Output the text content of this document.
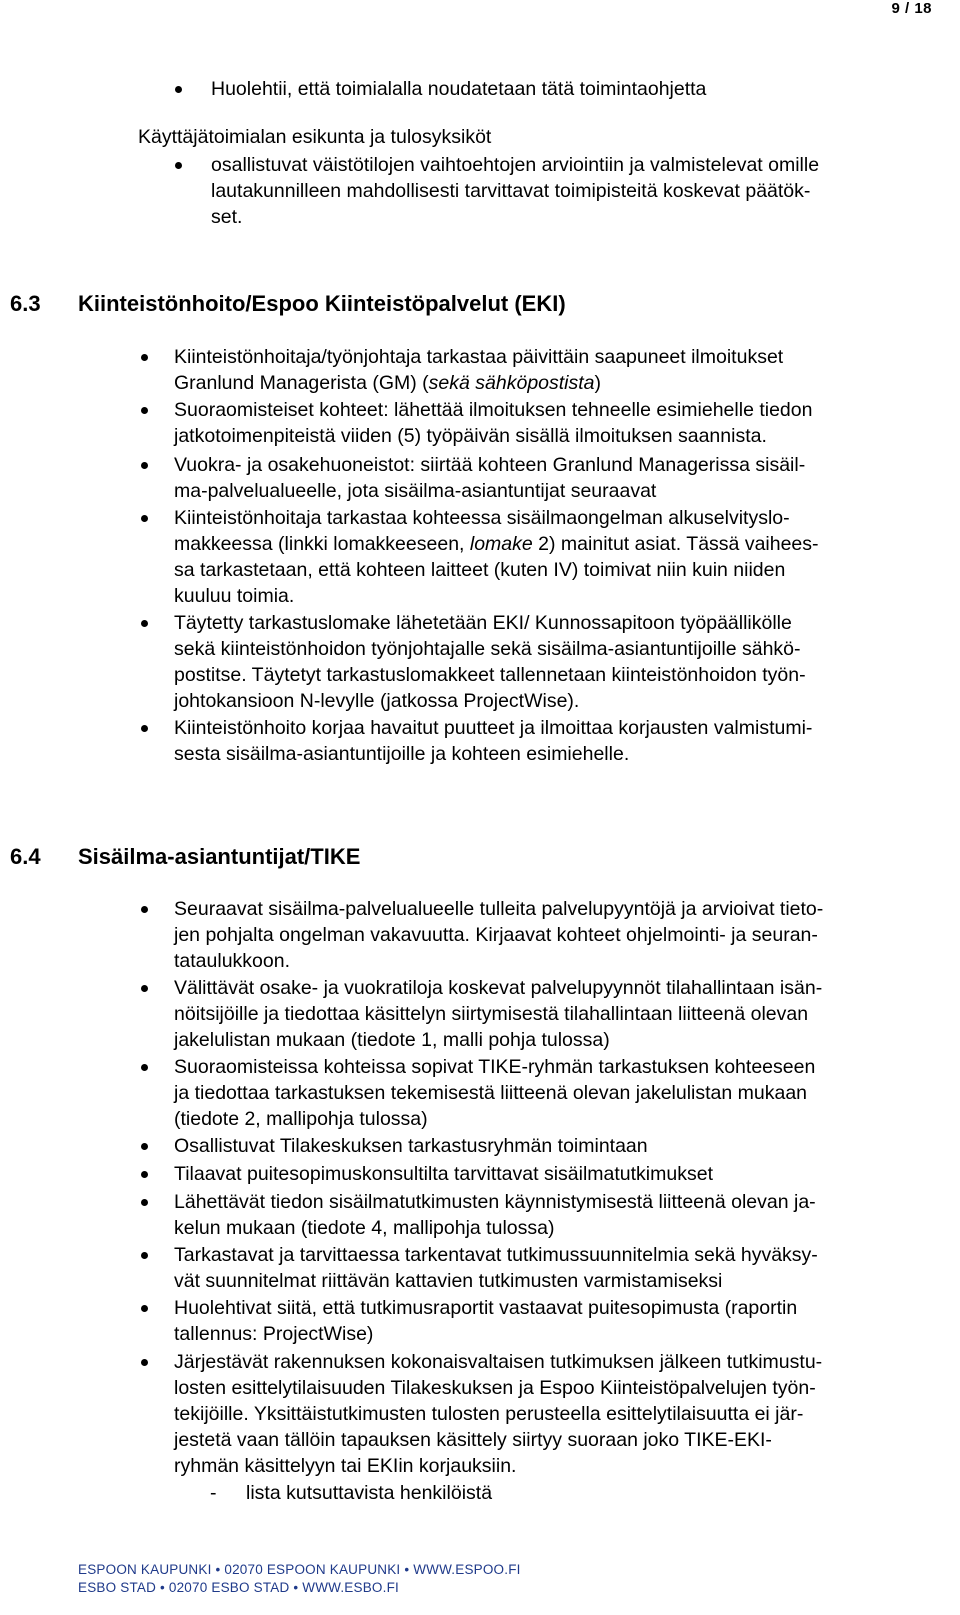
9 / 18
Huolehtii, että toimialalla noudatetaan tätä toimintaohjetta
Käyttäjätoimialan esikunta ja tulosyksiköt
osallistuvat väistötilojen vaihtoehtojen arviointiin ja valmistelevat omille
lautakunnilleen mahdollisesti tarvittavat toimipisteitä koskevat päätök-
set.
6.3 Kiinteistönhoito/Espoo Kiinteistöpalvelut (EKI)
Kiinteistönhoitaja/työnjohtaja tarkastaa päivittäin saapuneet ilmoitukset
Granlund Managerista (GM) (sekä sähköpostista)
Suoraomisteiset kohteet: lähettää ilmoituksen tehneelle esimiehelle tiedon
jatkotoimenpiteistä viiden (5) työpäivän sisällä ilmoituksen saannista.
Vuokra- ja osakehuoneistot: siirtää kohteen Granlund Managerissa sisäil-
ma-palvelualueelle, jota sisäilma-asiantuntijat seuraavat
Kiinteistönhoitaja tarkastaa kohteessa sisäilmaongelman alkuselvityslo-
makkeessa (linkki lomakkeeseen, lomake 2) mainitut asiat. Tässä vaihees-
sa tarkastetaan, että kohteen laitteet (kuten IV) toimivat niin kuin niiden
kuuluu toimia.
Täytetty tarkastuslomake lähetetään EKI/ Kunnossapitoon työpäällikölle
sekä kiinteistönhoidon työnjohtajalle sekä sisäilma-asiantuntijoille sähkö-
postitse. Täytetyt tarkastuslomakkeet tallennetaan kiinteistönhoidon työn-
johtokansioon N-levylle (jatkossa ProjectWise).
Kiinteistönhoito korjaa havaitut puutteet ja ilmoittaa korjausten valmistumi-
sesta sisäilma-asiantuntijoille ja kohteen esimiehelle.
6.4 Sisäilma-asiantuntijat/TIKE
Seuraavat sisäilma-palvelualueelle tulleita palvelupyyntöjä ja arvioivat tieto-
jen pohjalta ongelman vakavuutta. Kirjaavat kohteet ohjelmointi- ja seuran-
tataulukkoon.
Välittävät osake- ja vuokratiloja koskevat palvelupyynnöt tilahallintaan isän-
nöitsijöille ja tiedottaa käsittelyn siirtymisestä tilahallintaan liitteenä olevan
jakelulistan mukaan (tiedote 1, malli pohja tulossa)
Suoraomisteissa kohteissa sopivat TIKE-ryhmän tarkastuksen kohteeseen
ja tiedottaa tarkastuksen tekemisestä liitteenä olevan jakelulistan mukaan
(tiedote 2, mallipohja tulossa)
Osallistuvat Tilakeskuksen tarkastusryhmän toimintaan
Tilaavat puitesopimuskonsultilta tarvittavat sisäilmatutkimukset
Lähettävät tiedon sisäilmatutkimusten käynnistymisestä liitteenä olevan ja-
kelun mukaan (tiedote 4, mallipohja tulossa)
Tarkastavat ja tarvittaessa tarkentavat tutkimussuunnitelmia sekä hyväksy-
vät suunnitelmat riittävän kattavien tutkimusten varmistamiseksi
Huolehtivat siitä, että tutkimusraportit vastaavat puitesopimusta (raportin
tallennus: ProjectWise)
Järjestävät rakennuksen kokonaisvaltaisen tutkimuksen jälkeen tutkimustu-
losten esittelytilaisuuden Tilakeskuksen ja Espoo Kiinteistöpalvelujen työn-
tekijöille. Yksittäistutkimusten tulosten perusteella esittelytilaisuutta ei jär-
jestetä vaan tällöin tapauksen käsittely siirtyy suoraan joko TIKE-EKI-
ryhmän käsittelyyn tai EKIin korjauksiin.
- lista kutsuttavista henkilöistä
ESPOON KAUPUNKI • 02070 ESPOON KAUPUNKI • WWW.ESPOO.FI
ESBO STAD • 02070 ESBO STAD • WWW.ESBO.FI
